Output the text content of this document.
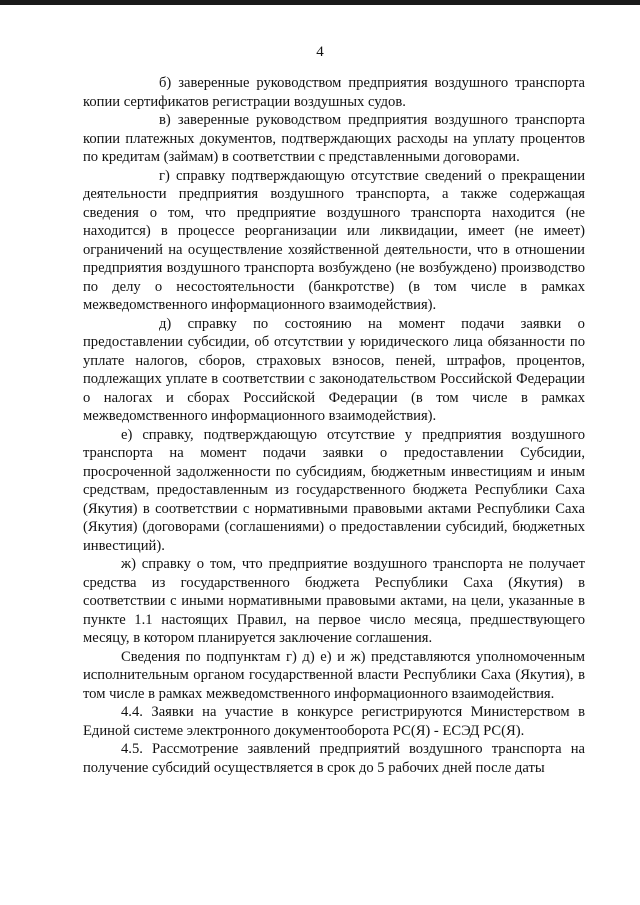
4

б) заверенные руководством предприятия воздушного транспорта копии сертификатов регистрации воздушных судов.

в) заверенные руководством предприятия воздушного транспорта копии платежных документов, подтверждающих расходы на уплату процентов по кредитам (займам) в соответствии с представленными договорами.

г) справку подтверждающую отсутствие сведений о прекращении деятельности предприятия воздушного транспорта, а также содержащая сведения о том, что предприятие воздушного транспорта находится (не находится) в процессе реорганизации или ликвидации, имеет (не имеет) ограничений на осуществление хозяйственной деятельности, что в отношении предприятия воздушного транспорта возбуждено (не возбуждено) производство по делу о несостоятельности (банкротстве) (в том числе в рамках межведомственного информационного взаимодействия).

д) справку по состоянию на момент подачи заявки о предоставлении субсидии, об отсутствии у юридического лица обязанности по уплате налогов, сборов, страховых взносов, пеней, штрафов, процентов, подлежащих уплате в соответствии с законодательством Российской Федерации о налогах и сборах Российской Федерации (в том числе в рамках межведомственного информационного взаимодействия).

е) справку, подтверждающую отсутствие у предприятия воздушного транспорта на момент подачи заявки о предоставлении Субсидии, просроченной задолженности по субсидиям, бюджетным инвестициям и иным средствам, предоставленным из государственного бюджета Республики Саха (Якутия) в соответствии с нормативными правовыми актами Республики Саха (Якутия) (договорами (соглашениями) о предоставлении субсидий, бюджетных инвестиций).

ж) справку о том, что предприятие воздушного транспорта не получает средства из государственного бюджета Республики Саха (Якутия) в соответствии с иными нормативными правовыми актами, на цели, указанные в пункте 1.1 настоящих Правил, на первое число месяца, предшествующего месяцу, в котором планируется заключение соглашения.

Сведения по подпунктам г) д) е) и ж) представляются уполномоченным исполнительным органом государственной власти Республики Саха (Якутия), в том числе в рамках межведомственного информационного взаимодействия.

4.4. Заявки на участие в конкурсе регистрируются Министерством в Единой системе электронного документооборота РС(Я) - ЕСЭД РС(Я).

4.5. Рассмотрение заявлений предприятий воздушного транспорта на получение субсидий осуществляется в срок до 5 рабочих дней после даты
